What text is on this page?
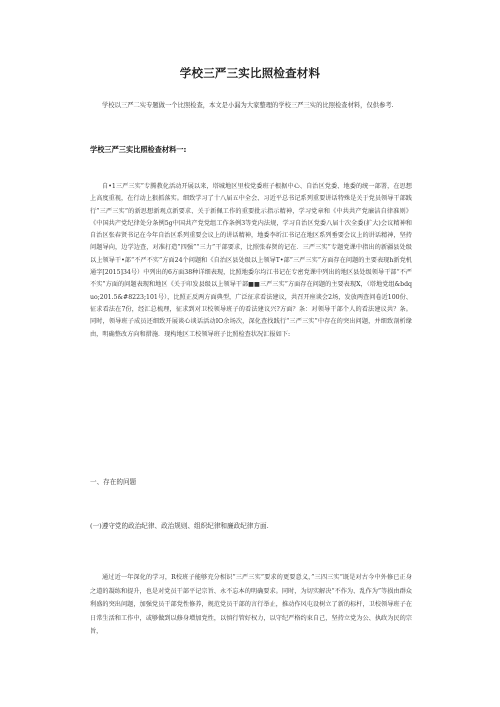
学校三严三实比照检查材料
学校以三严二实专题做一个比照检查，本文是小漏为大家整理的学校三严三实的比照检查材料，仅供参考.
学校三严三实比照检查材料一:
自•1三严三实”专腾教化活动开展以来，塔城地区里校党委班子根据中心、自治区党委、地委的统一部署，在思想上高度重视，在行动上狠抓落实。细致学习了十八届五中全会、习近平总书记系列重要讲话特殊是关于党员领导干部践行”三严三实”的新思想新观点新要求、关于新佩工作的重要批示指示精神，学习党章和《中共共产党廉洁自律准则》《中国共产党纪律处分条例5g中国共产党党组工作条例3等党内法规，学习自治区党委八届十次全委(扩大)会议精神和自治区张春贤书记在今年自治区系列重要会议上的讲话精神，地委李圻江书记在地区系列垂要会议上的讲话精神，坚持问题导向，边学边查，对准打造”四强”“三力”干部要求，比照张春贤的记在．三严三实”专题党课中指出的新疆县处级以上领导干•部“不严不实”方面24个问题和《自治区县处级以上领导T•部”三严三实”方面存在问题的主要表现h新党机通字[2015]34号）中列出的6方面38种详细表现，比照地委尔均江书记在专密党课中列出的地区县处级领导干部“不严不实”方面的问题表现和地区《关于印发县级以上领导干部■■三严三实”方面存在问题的主要表现X，（塔地党组&bdquo;201.5&#8223;101号），比照正反两方面典型，广泛征求看法建议，共召开座谈会2场，发放两查问卷近100份、征求看法在7份，经汇总梳理，征求到对卫校领导班子的看法建议兴?方面？条：对领导干部个人的看法建议共？条。同时，领导班子成员还细致开展谈心谈话活动IO余场次，深化查找践行“三严三实”中存在的突出问题，并细致剖析缘由，明确整改方向和措施．现构地区工校领导班子比照检查状况汇报如下:
一、存在的问题
(一)遵守党的政治纪律、政治规则、组织纪律和廉政纪律方面.
通过近一年深化的学习，R校班子能够充分相识”三严三实”要求的更要意义，”三四三实”既是对古今中外修已正身之道的凝练和提升，也是对党员干部平记宗旨、永不忘本的明确要求。同时，为切实解决“不作为、乱作为”等损由群众利盛的突出问题，加强党员干部党性修养，规范党员干部的言行举止，推动作风屯设树立了新的标杆，卫校领导班子在日常生活和工作中，或够做到以修身增加党性，以慎行管好权力，以守纪严格约束自己，坚持立党为公、执政为民的宗旨，
